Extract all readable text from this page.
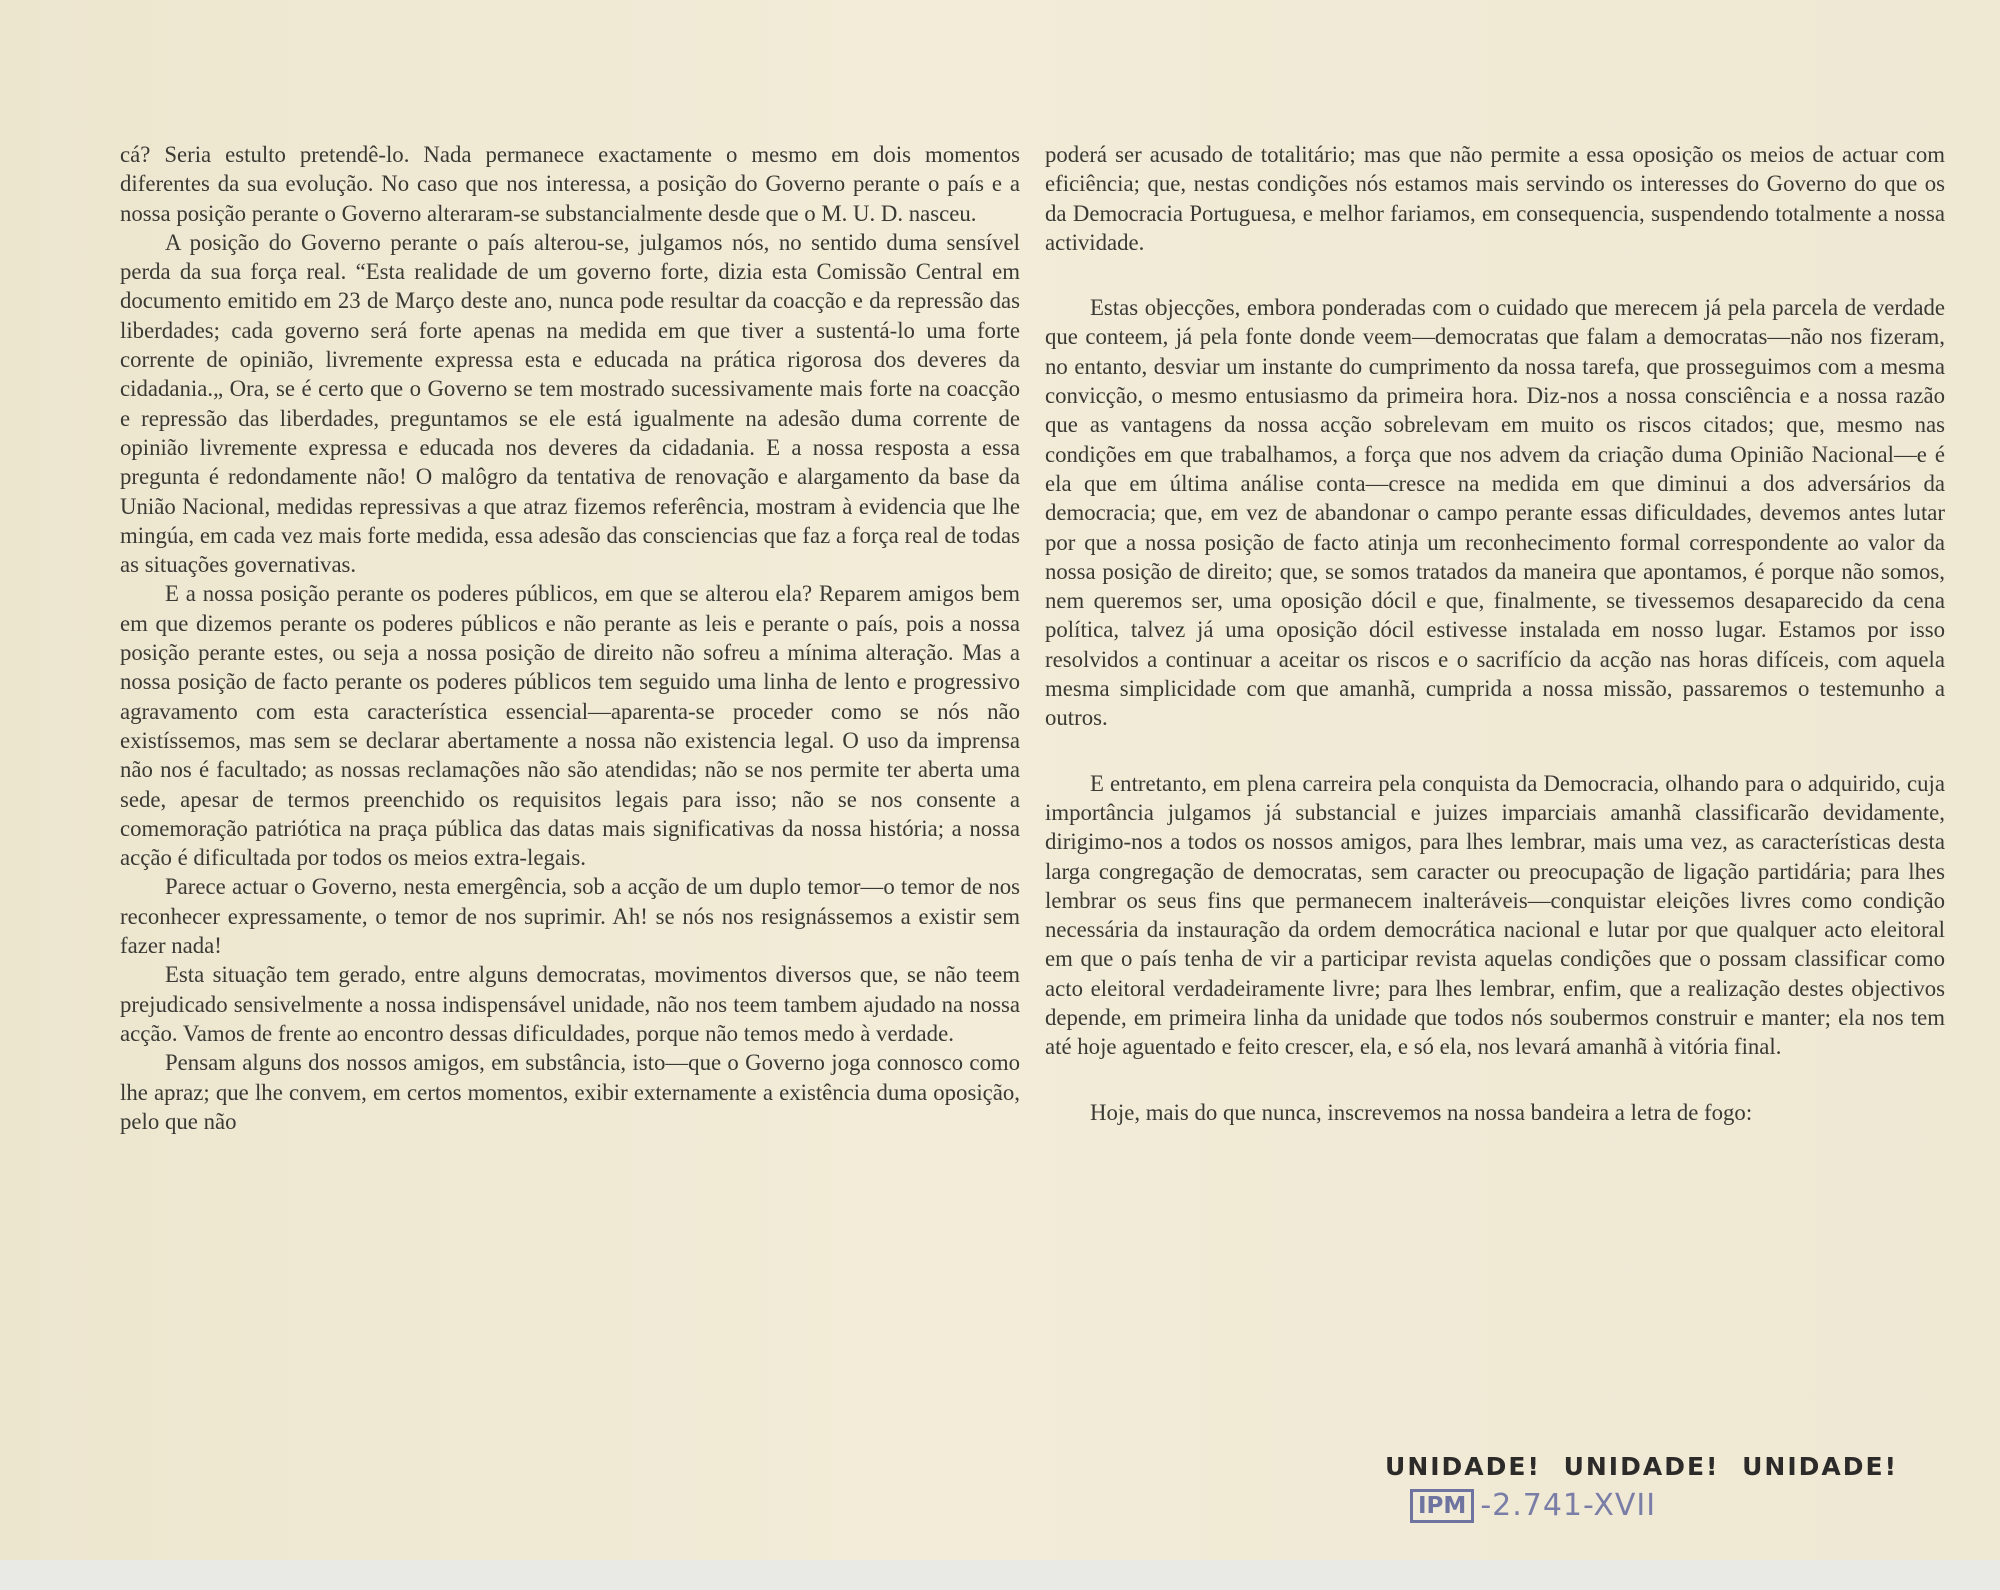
cá? Seria estulto pretendê-lo. Nada permanece exactamente o mesmo em dois momentos diferentes da sua evolução. No caso que nos interessa, a posição do Governo perante o país e a nossa posição perante o Governo alteraram-se substancialmente desde que o M. U. D. nasceu.

A posição do Governo perante o país alterou-se, julgamos nós, no sentido duma sensível perda da sua força real. “Esta realidade de um governo forte, dizia esta Comissão Central em documento emitido em 23 de Março deste ano, nunca pode resultar da coacção e da repressão das liberdades; cada governo será forte apenas na medida em que tiver a sustentá-lo uma forte corrente de opinião, livremente expressa esta e educada na prática rigorosa dos deveres da cidadania.„ Ora, se é certo que o Governo se tem mostrado sucessivamente mais forte na coacção e repressão das liberdades, preguntamos se ele está igualmente na adesão duma corrente de opinião livremente expressa e educada nos deveres da cidadania. E a nossa resposta a essa pregunta é redondamente não! O malôgro da tentativa de renovação e alargamento da base da União Nacional, medidas repressivas a que atraz fizemos referência, mostram à evidencia que lhe mingúa, em cada vez mais forte medida, essa adesão das consciencias que faz a força real de todas as situações governativas.

E a nossa posição perante os poderes públicos, em que se alterou ela? Reparem amigos bem em que dizemos perante os poderes públicos e não perante as leis e perante o país, pois a nossa posição perante estes, ou seja a nossa posição de direito não sofreu a mínima alteração. Mas a nossa posição de facto perante os poderes públicos tem seguido uma linha de lento e progressivo agravamento com esta característica essencial—aparenta-se proceder como se nós não existíssemos, mas sem se declarar abertamente a nossa não existencia legal. O uso da imprensa não nos é facultado; as nossas reclamações não são atendidas; não se nos permite ter aberta uma sede, apesar de termos preenchido os requisitos legais para isso; não se nos consente a comemoração patriótica na praça pública das datas mais significativas da nossa história; a nossa acção é dificultada por todos os meios extra-legais.

Parece actuar o Governo, nesta emergência, sob a acção de um duplo temor—o temor de nos reconhecer expressamente, o temor de nos suprimir. Ah! se nós nos resignássemos a existir sem fazer nada!

Esta situação tem gerado, entre alguns democratas, movimentos diversos que, se não teem prejudicado sensivelmente a nossa indispensável unidade, não nos teem tambem ajudado na nossa acção. Vamos de frente ao encontro dessas dificuldades, porque não temos medo à verdade.

Pensam alguns dos nossos amigos, em substância, isto—que o Governo joga connosco como lhe apraz; que lhe convem, em certos momentos, exibir externamente a existência duma oposição, pelo que não

poderá ser acusado de totalitário; mas que não permite a essa oposição os meios de actuar com eficiência; que, nestas condições nós estamos mais servindo os interesses do Governo do que os da Democracia Portuguesa, e melhor fariamos, em consequencia, suspendendo totalmente a nossa actividade.

Estas objecções, embora ponderadas com o cuidado que merecem já pela parcela de verdade que conteem, já pela fonte donde veem—democratas que falam a democratas—não nos fizeram, no entanto, desviar um instante do cumprimento da nossa tarefa, que prosseguimos com a mesma convicção, o mesmo entusiasmo da primeira hora. Diz-nos a nossa consciência e a nossa razão que as vantagens da nossa acção sobrelevam em muito os riscos citados; que, mesmo nas condições em que trabalhamos, a força que nos advem da criação duma Opinião Nacional—e é ela que em última análise conta—cresce na medida em que diminui a dos adversários da democracia; que, em vez de abandonar o campo perante essas dificuldades, devemos antes lutar por que a nossa posição de facto atinja um reconhecimento formal correspondente ao valor da nossa posição de direito; que, se somos tratados da maneira que apontamos, é porque não somos, nem queremos ser, uma oposição dócil e que, finalmente, se tivessemos desaparecido da cena política, talvez já uma oposição dócil estivesse instalada em nosso lugar. Estamos por isso resolvidos a continuar a aceitar os riscos e o sacrifício da acção nas horas difíceis, com aquela mesma simplicidade com que amanhã, cumprida a nossa missão, passaremos o testemunho a outros.

E entretanto, em plena carreira pela conquista da Democracia, olhando para o adquirido, cuja importância julgamos já substancial e juizes imparciais amanhã classificarão devidamente, dirigimo-nos a todos os nossos amigos, para lhes lembrar, mais uma vez, as características desta larga congregação de democratas, sem caracter ou preocupação de ligação partidária; para lhes lembrar os seus fins que permanecem inalteráveis—conquistar eleições livres como condição necessária da instauração da ordem democrática nacional e lutar por que qualquer acto eleitoral em que o país tenha de vir a participar revista aquelas condições que o possam classificar como acto eleitoral verdadeiramente livre; para lhes lembrar, enfim, que a realização destes objectivos depende, em primeira linha da unidade que todos nós soubermos construir e manter; ela nos tem até hoje aguentado e feito crescer, ela, e só ela, nos levará amanhã à vitória final.

Hoje, mais do que nunca, inscrevemos na nossa bandeira a letra de fogo:

UNIDADE! UNIDADE! UNIDADE!
IPM -2.741-XVII
